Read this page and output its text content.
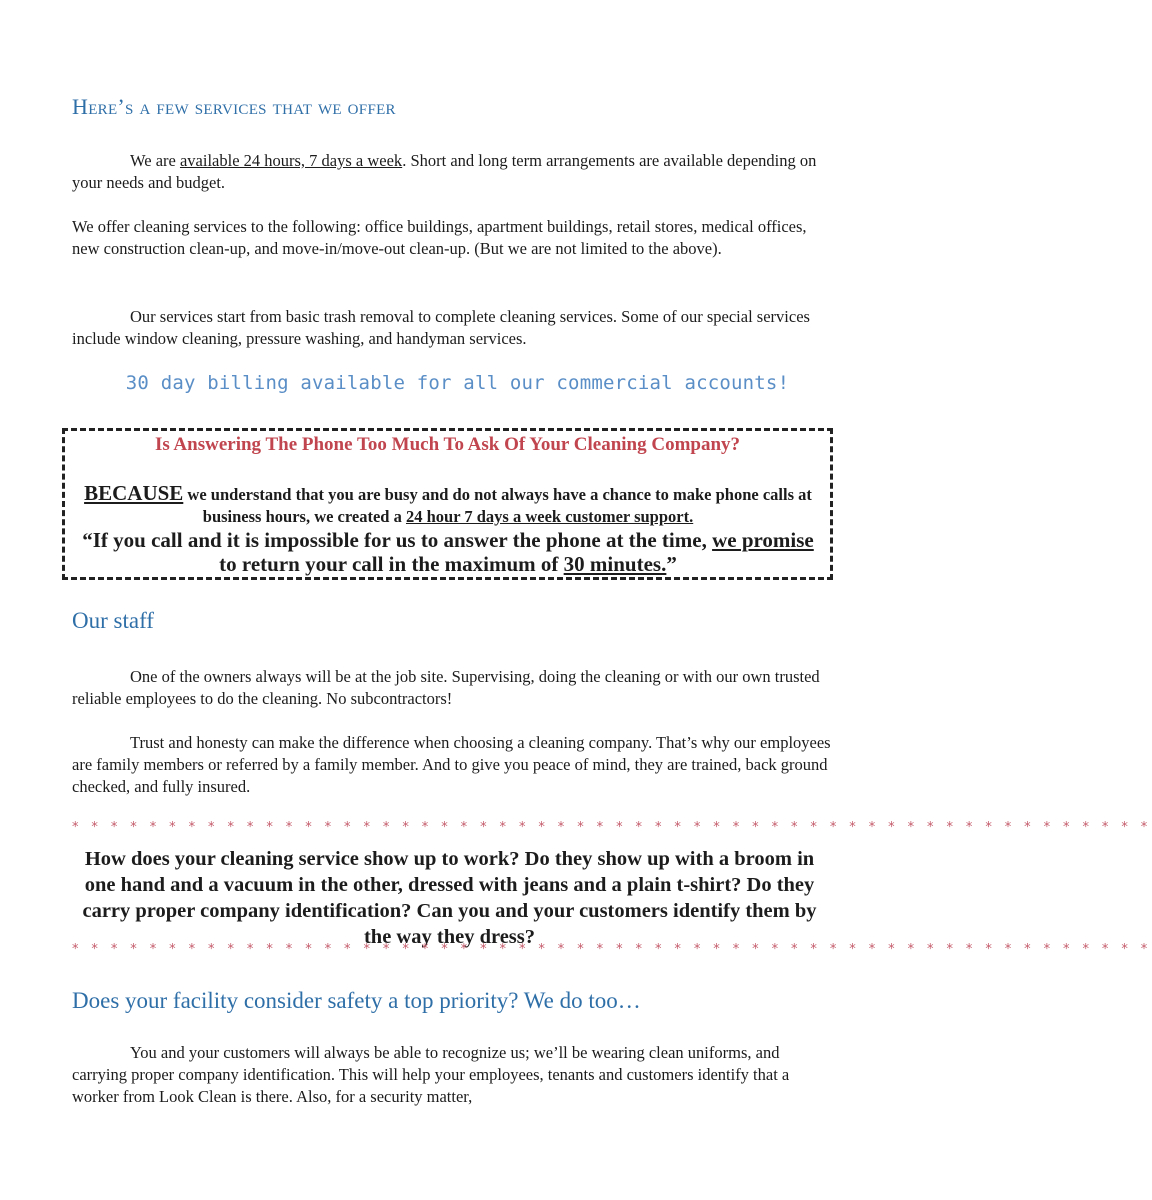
Here’s a few services that we offer

We are available 24 hours, 7 days a week. Short and long term arrangements are available depending on your needs and budget.

We offer cleaning services to the following: office buildings, apartment buildings, retail stores, medical offices, new construction clean-up, and move-in/move-out clean-up. (But we are not limited to the above).

Our services start from basic trash removal to complete cleaning services. Some of our special services include window cleaning, pressure washing, and handyman services.

30 day billing available for all our commercial accounts!
Is Answering The Phone Too Much To Ask Of Your Cleaning Company?
BECAUSE we understand that you are busy and do not always have a chance to make phone calls at business hours, we created a 24 hour 7 days a week customer support.
“If you call and it is impossible for us to answer the phone at the time, we promise to return your call in the maximum of 30 minutes.”
Our staff

One of the owners always will be at the job site. Supervising, doing the cleaning or with our own trusted reliable employees to do the cleaning. No subcontractors!

Trust and honesty can make the difference when choosing a cleaning company. That’s why our employees are family members or referred by a family member. And to give you peace of mind, they are trained, back ground checked, and fully insured.

* * * * * * * * * * * * * * * * * * * * * * * * * * * * * * * * * * * * * * * * * * * * * * * * * * * * * * * *

How does your cleaning service show up to work? Do they show up with a broom in one hand and a vacuum in the other, dressed with jeans and a plain t-shirt? Do they carry proper company identification? Can you and your customers identify them by the way they dress?

* * * * * * * * * * * * * * * * * * * * * * * * * * * * * * * * * * * * * * * * * * * * * * * * * * * * * * * *
Does your facility consider safety a top priority? We do too…

You and your customers will always be able to recognize us; we’ll be wearing clean uniforms, and carrying proper company identification. This will help your employees, tenants and customers identify that a worker from Look Clean is there. Also, for a security matter,
